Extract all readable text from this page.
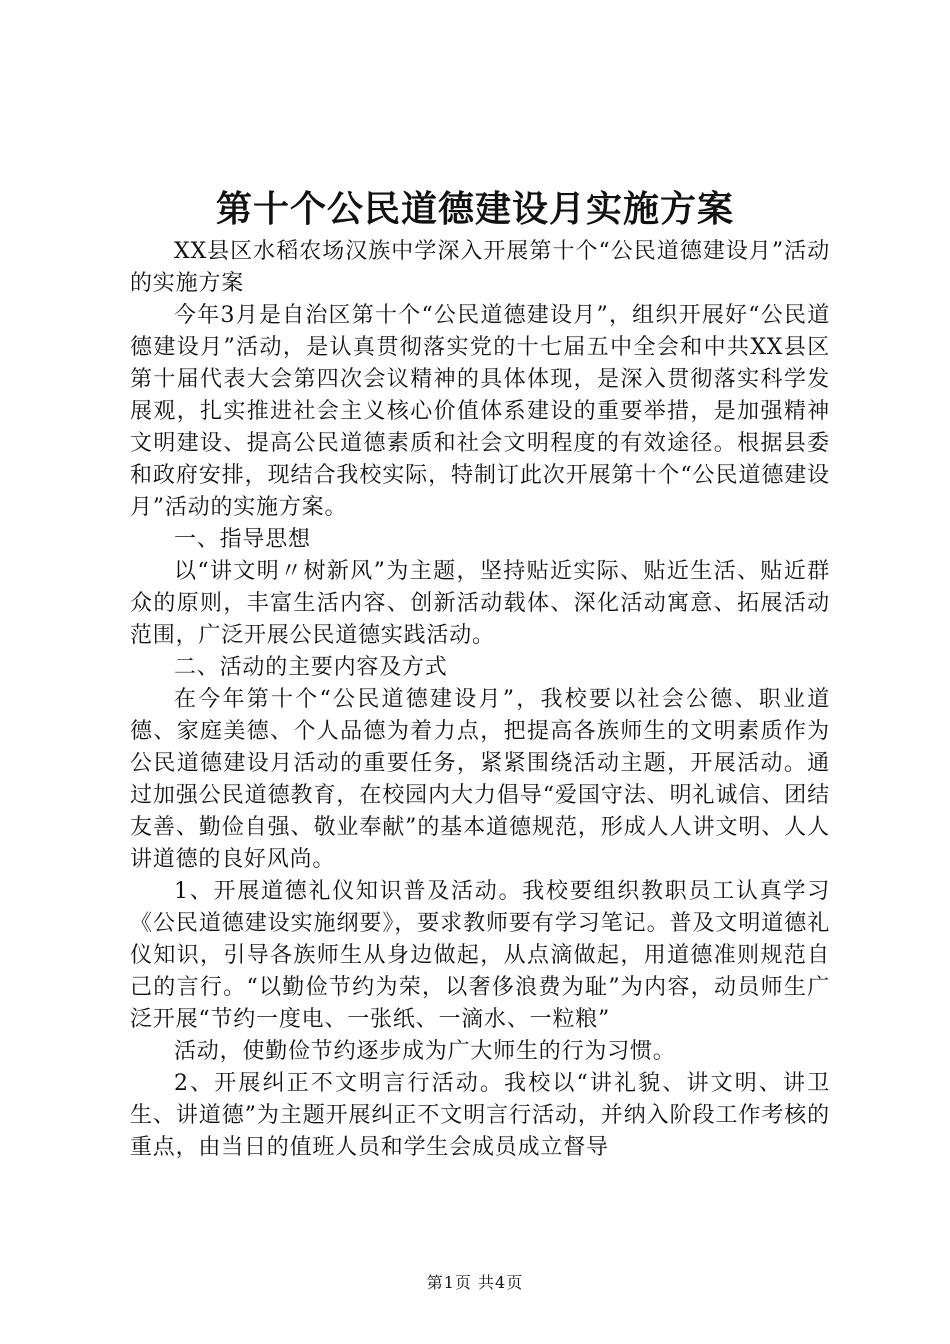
第十个公民道德建设月实施方案

XX县区水稻农场汉族中学深入开展第十个“公民道德建设月”活动的实施方案

今年3月是自治区第十个“公民道德建设月”，组织开展好“公民道德建设月”活动，是认真贯彻落实党的十七届五中全会和中共XX县区第十届代表大会第四次会议精神的具体体现，是深入贯彻落实科学发展观，扎实推进社会主义核心价值体系建设的重要举措，是加强精神文明建设、提高公民道德素质和社会文明程度的有效途径。根据县委和政府安排，现结合我校实际，特制订此次开展第十个“公民道德建设月”活动的实施方案。

一、指导思想

以“讲文明〃树新风”为主题，坚持贴近实际、贴近生活、贴近群众的原则，丰富生活内容、创新活动载体、深化活动寓意、拓展活动范围，广泛开展公民道德实践活动。

二、活动的主要内容及方式

在今年第十个“公民道德建设月”，我校要以社会公德、职业道德、家庭美德、个人品德为着力点，把提高各族师生的文明素质作为公民道德建设月活动的重要任务，紧紧围绕活动主题，开展活动。通过加强公民道德教育，在校园内大力倡导“爱国守法、明礼诚信、团结友善、勤俭自强、敬业奉献”的基本道德规范，形成人人讲文明、人人讲道德的良好风尚。

1、开展道德礼仪知识普及活动。我校要组织教职员工认真学习《公民道德建设实施纲要》，要求教师要有学习笔记。普及文明道德礼仪知识，引导各族师生从身边做起，从点滴做起，用道德准则规范自己的言行。“以勤俭节约为荣，以奢侈浪费为耻”为内容，动员师生广泛开展“节约一度电、一张纸、一滴水、一粒粮”

活动，使勤俭节约逐步成为广大师生的行为习惯。

2、开展纠正不文明言行活动。我校以“讲礼貌、讲文明、讲卫生、讲道德”为主题开展纠正不文明言行活动，并纳入阶段工作考核的重点，由当日的值班人员和学生会成员成立督导

第1页 共4页
